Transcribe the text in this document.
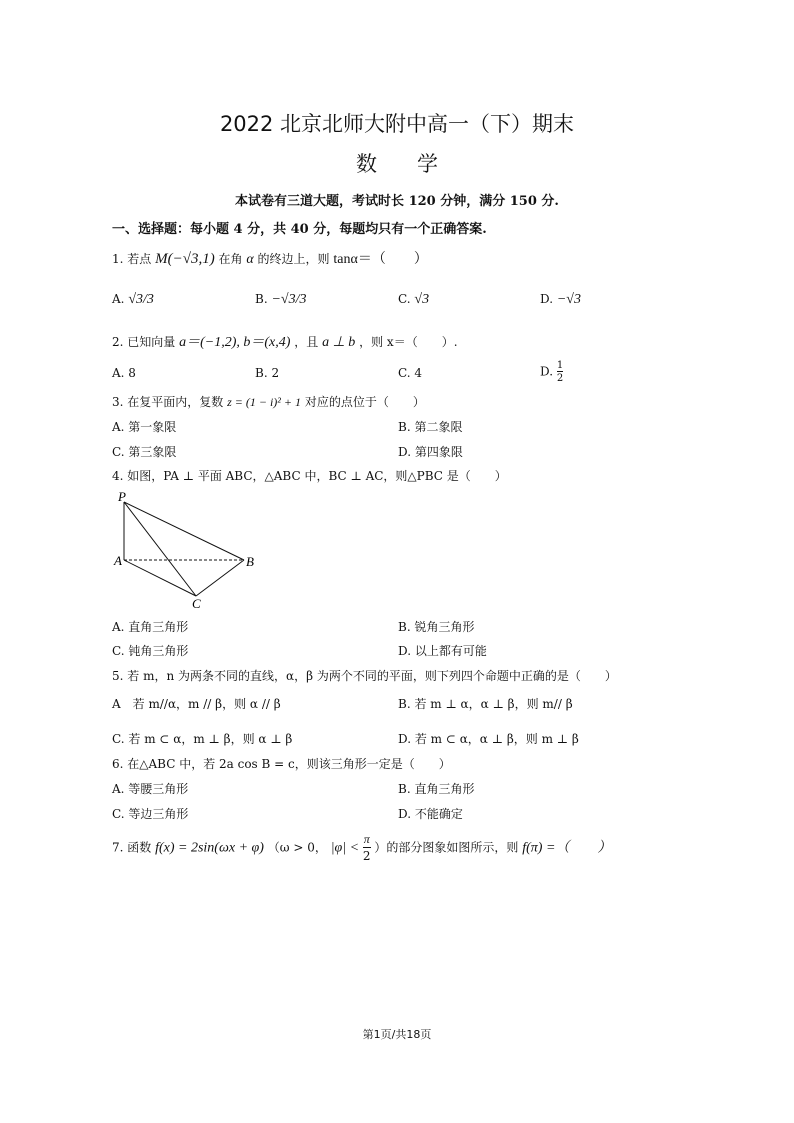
2022 北京北师大附中高一（下）期末
数学
本试卷有三道大题，考试时长 120 分钟，满分 150 分.
一、选择题：每小题 4 分，共 40 分，每题均只有一个正确答案.
1. 若点 M(−√3,1) 在角 α 的终边上，则 tanα＝（　　）
A. √3/3	B. −√3/3	C. √3	D. −√3
2. 已知向量 a＝(−1,2), b＝(x,4) ，且 a ⊥ b ，则 x＝（　　）.
A. 8	B. 2	C. 4	D. $\frac{1}{2}$
3. 在复平面内，复数 z = (1 − i)² + 1 对应的点位于（　　）
A. 第一象限	B. 第二象限
C. 第三象限	D. 第四象限
4. 如图，PA ⊥ 平面 ABC，△ABC 中，BC ⊥ AC，则△PBC 是（　　）
P
A	B
C
A. 直角三角形	B. 锐角三角形
C. 钝角三角形	D. 以上都有可能
5. 若 m，n 为两条不同的直线，α，β 为两个不同的平面，则下列四个命题中正确的是（　　）
A　若 m//α，m // β，则 α // β	B. 若 m ⊥ α，α ⊥ β，则 m// β
C. 若 m ⊂ α，m ⊥ β，则 α ⊥ β	D. 若 m ⊂ α，α ⊥ β，则 m ⊥ β
6. 在△ABC 中，若 2a cos B = c，则该三角形一定是（　　）
A. 等腰三角形	B. 直角三角形
C. 等边三角形	D. 不能确定
7. 函数 f(x) = 2sin(ωx + φ) （ω > 0， $|\varphi| < \frac{\pi}{2}$ ）的部分图象如图所示，则 f(π) =（　　）
第1页/共18页
